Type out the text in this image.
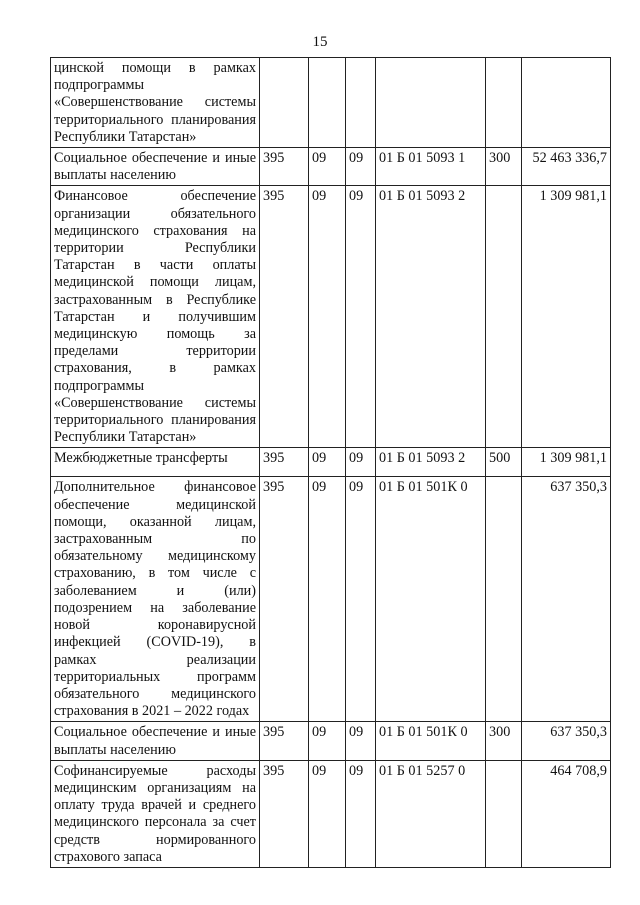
15
цинской помощи в рамках подпрограммы «Совершенствование системы территориального планирования Республики Татарстан»						
Социальное обеспечение и иные выплаты населению	395	09	09	01 Б 01 5093 1	300	52 463 336,7
Финансовое обеспечение организации обязательного медицинского страхования на территории Республики Татарстан в части оплаты медицинской помощи лицам, застрахованным в Республике Татарстан и получившим медицинскую помощь за пределами территории страхования, в рамках подпрограммы «Совершенствование системы территориального планирования Республики Татарстан»	395	09	09	01 Б 01 5093 2		1 309 981,1
Межбюджетные трансферты	395	09	09	01 Б 01 5093 2	500	1 309 981,1
Дополнительное финансовое обеспечение медицинской помощи, оказанной лицам, застрахованным по обязательному медицинскому страхованию, в том числе с заболеванием и (или) подозрением на заболевание новой коронавирусной инфекцией (COVID-19), в рамках реализации территориальных программ обязательного медицинского страхования в 2021 – 2022 годах	395	09	09	01 Б 01 501К 0		637 350,3
Социальное обеспечение и иные выплаты населению	395	09	09	01 Б 01 501К 0	300	637 350,3
Софинансируемые расходы медицинским организациям на оплату труда врачей и среднего медицинского персонала за счет средств нормированного страхового запаса	395	09	09	01 Б 01 5257 0		464 708,9
